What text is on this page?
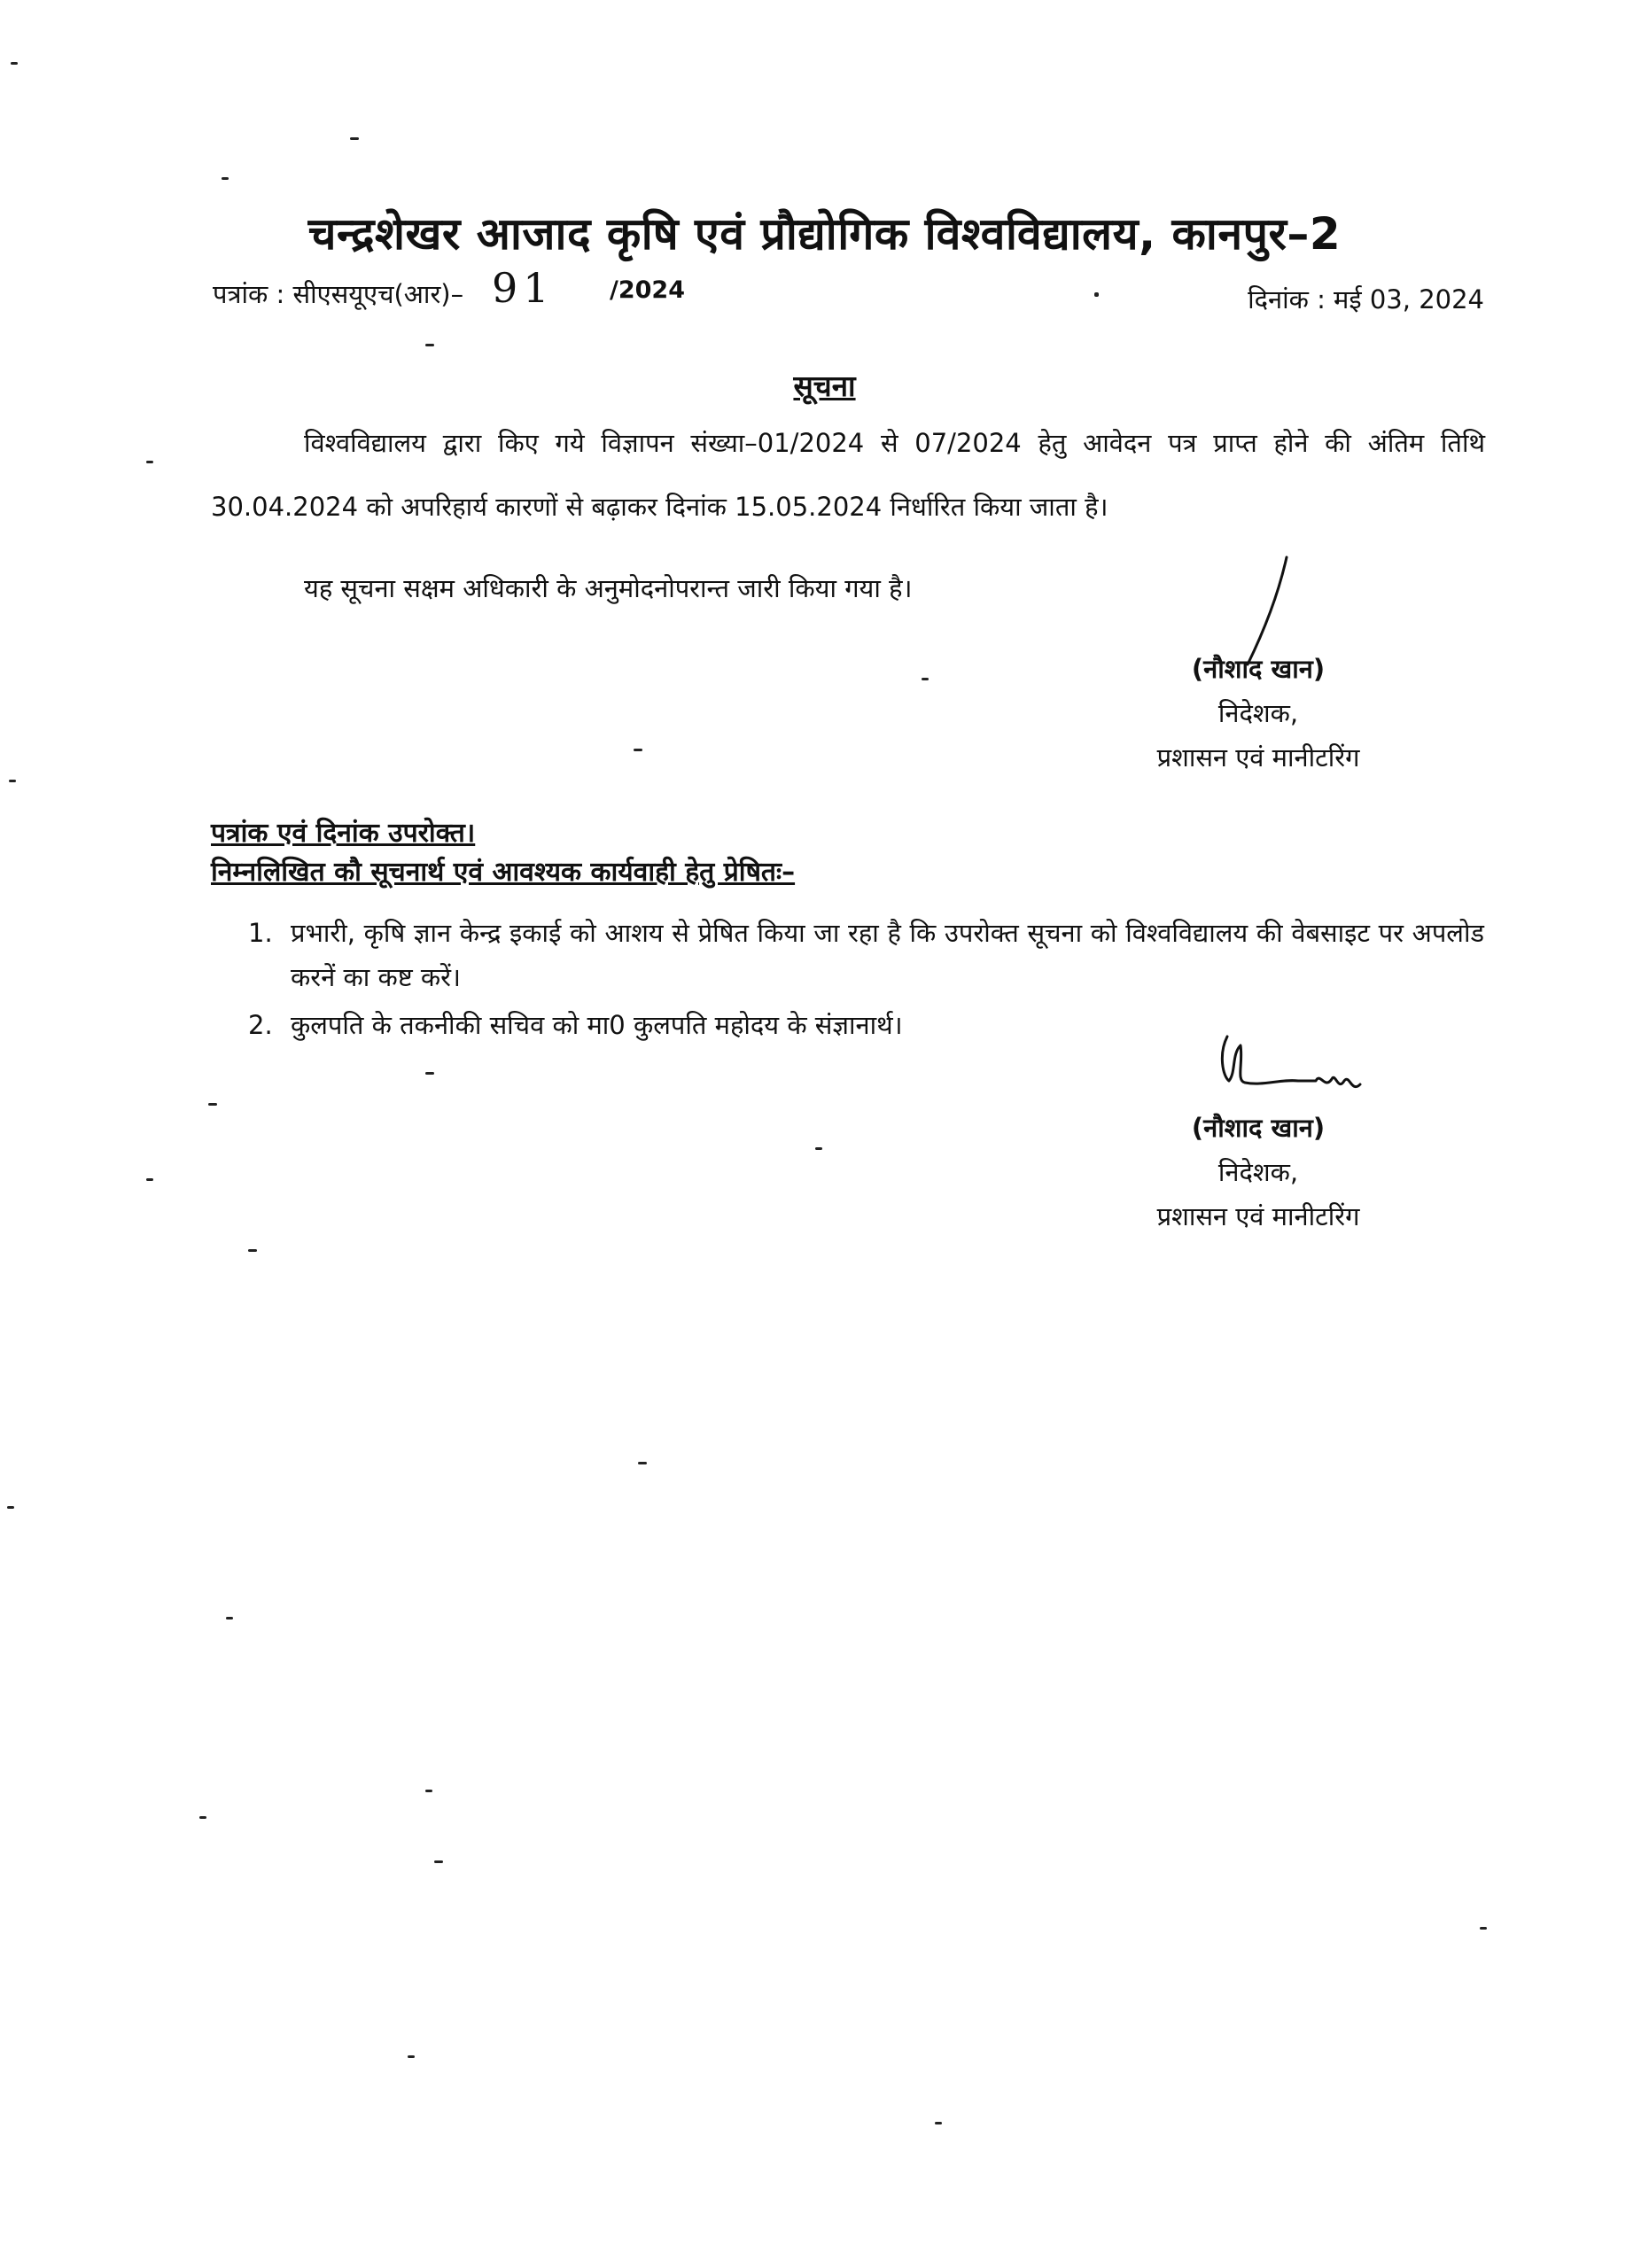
चन्द्रशेखर आजाद कृषि एवं प्रौद्योगिक विश्वविद्यालय, कानपुर–2
पत्रांक : सीएसयूएच(आर)– 91 /2024	दिनांक : मई 03, 2024
सूचना
विश्वविद्यालय द्वारा किए गये विज्ञापन संख्या–01/2024 से 07/2024 हेतु आवेदन पत्र प्राप्त होने की अंतिम तिथि 30.04.2024 को अपरिहार्य कारणों से बढ़ाकर दिनांक 15.05.2024 निर्धारित किया जाता है।
यह सूचना सक्षम अधिकारी के अनुमोदनोपरान्त जारी किया गया है।
(नौशाद खान)
निदेशक,
प्रशासन एवं मानीटरिंग
पत्रांक एवं दिनांक उपरोक्त।
निम्नलिखित कौ सूचनार्थ एवं आवश्यक कार्यवाही हेतु प्रेषितः–
1. प्रभारी, कृषि ज्ञान केन्द्र इकाई को आशय से प्रेषित किया जा रहा है कि उपरोक्त सूचना को विश्वविद्यालय की वेबसाइट पर अपलोड करनें का कष्ट करें।
2. कुलपति के तकनीकी सचिव को मा0 कुलपति महोदय के संज्ञानार्थ।
(नौशाद खान)
निदेशक,
प्रशासन एवं मानीटरिंग
